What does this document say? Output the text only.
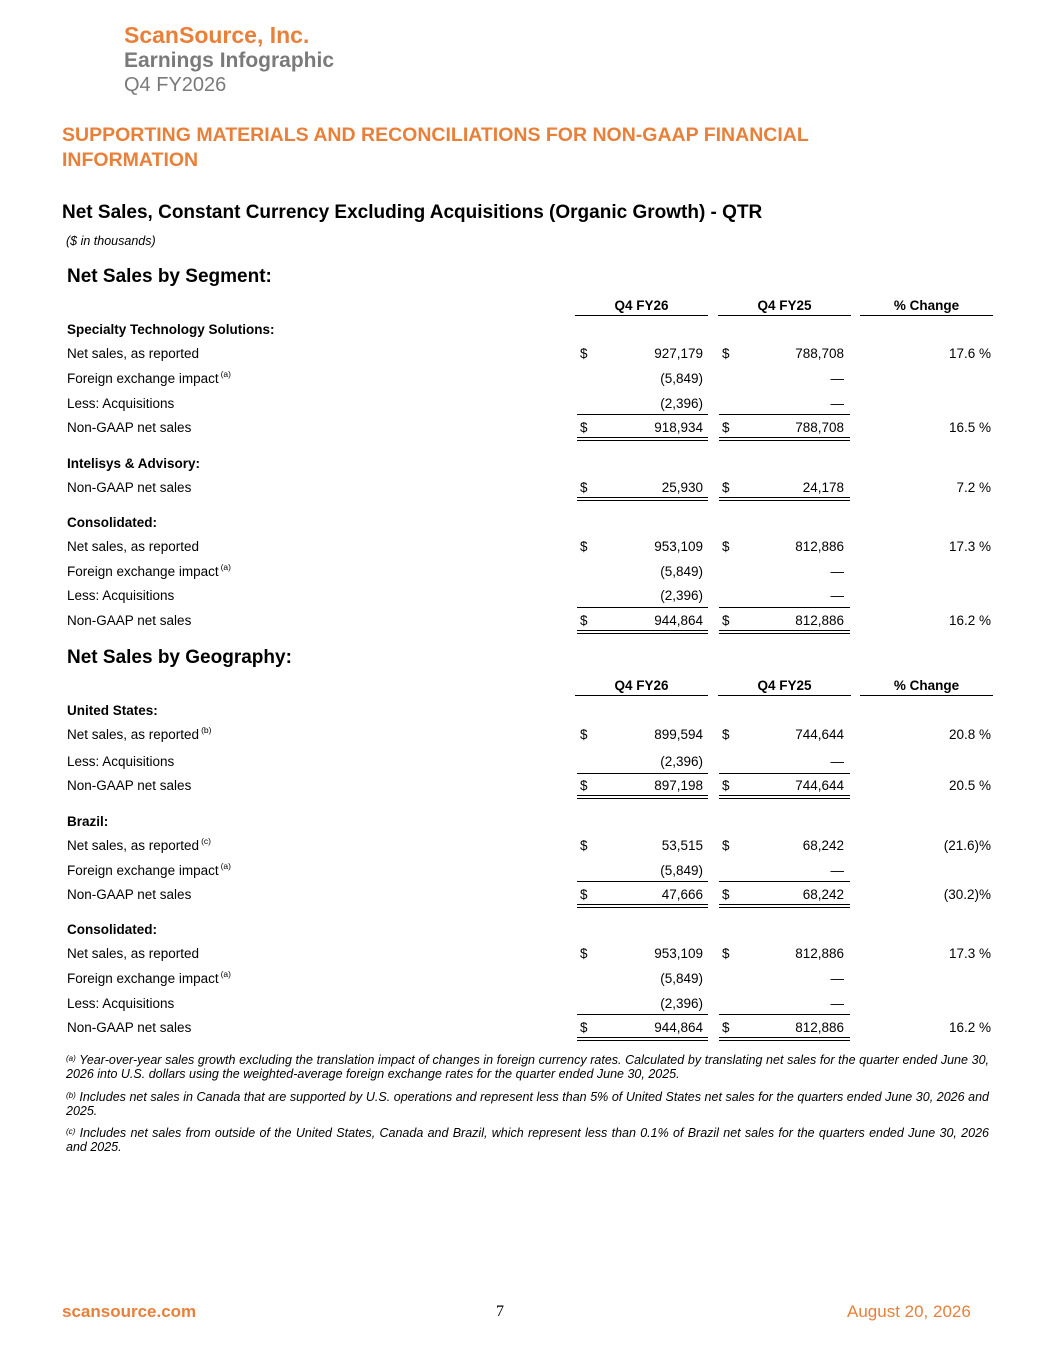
ScanSource, Inc.
Earnings Infographic
Q4 FY2026
SUPPORTING MATERIALS AND RECONCILIATIONS FOR NON-GAAP FINANCIAL INFORMATION
Net Sales, Constant Currency Excluding Acquisitions (Organic Growth) - QTR
($ in thousands)
Net Sales by Segment:
Q4 FY26	Q4 FY25	% Change
Specialty Technology Solutions:
Net sales, as reported	$	927,179 $	788,708	17.6 %
Foreign exchange impact $^{(a)}$	(5,849)	—
Less: Acquisitions	(2,396)	—
Non-GAAP net sales	$	918,934 $	788,708	16.5 %
Intelisys & Advisory:
Non-GAAP net sales	$	25,930 $	24,178	7.2 %
Consolidated:
Net sales, as reported	$	953,109 $	812,886	17.3 %
Foreign exchange impact $^{(a)}$	(5,849)	—
Less: Acquisitions	(2,396)	—
Non-GAAP net sales	$	944,864 $	812,886	16.2 %
Net Sales by Geography:
Q4 FY26	Q4 FY25	% Change
United States:
Net sales, as reported $^{(b)}$	$	899,594 $	744,644	20.8 %
Less: Acquisitions	(2,396)	—
Non-GAAP net sales	$	897,198 $	744,644	20.5 %
Brazil:
Net sales, as reported $^{(c)}$	$	53,515 $	68,242	(21.6)%
Foreign exchange impact $^{(a)}$	(5,849)	—
Non-GAAP net sales	$	47,666 $	68,242	(30.2)%
Consolidated:
Net sales, as reported	$	953,109 $	812,886	17.3 %
Foreign exchange impact $^{(a)}$	(5,849)	—
Less: Acquisitions	(2,396)	—
Non-GAAP net sales	$	944,864 $	812,886	16.2 %
$^{(a)}$ Year-over-year sales growth excluding the translation impact of changes in foreign currency rates. Calculated by translating net sales for the quarter ended June 30, 2026 into U.S. dollars using the weighted-average foreign exchange rates for the quarter ended June 30, 2025.
$^{(b)}$ Includes net sales in Canada that are supported by U.S. operations and represent less than 5% of United States net sales for the quarters ended June 30, 2026 and 2025.
$^{(c)}$ Includes net sales from outside of the United States, Canada and Brazil, which represent less than 0.1% of Brazil net sales for the quarters ended June 30, 2026 and 2025.
scansource.com	7	August 20, 2026
